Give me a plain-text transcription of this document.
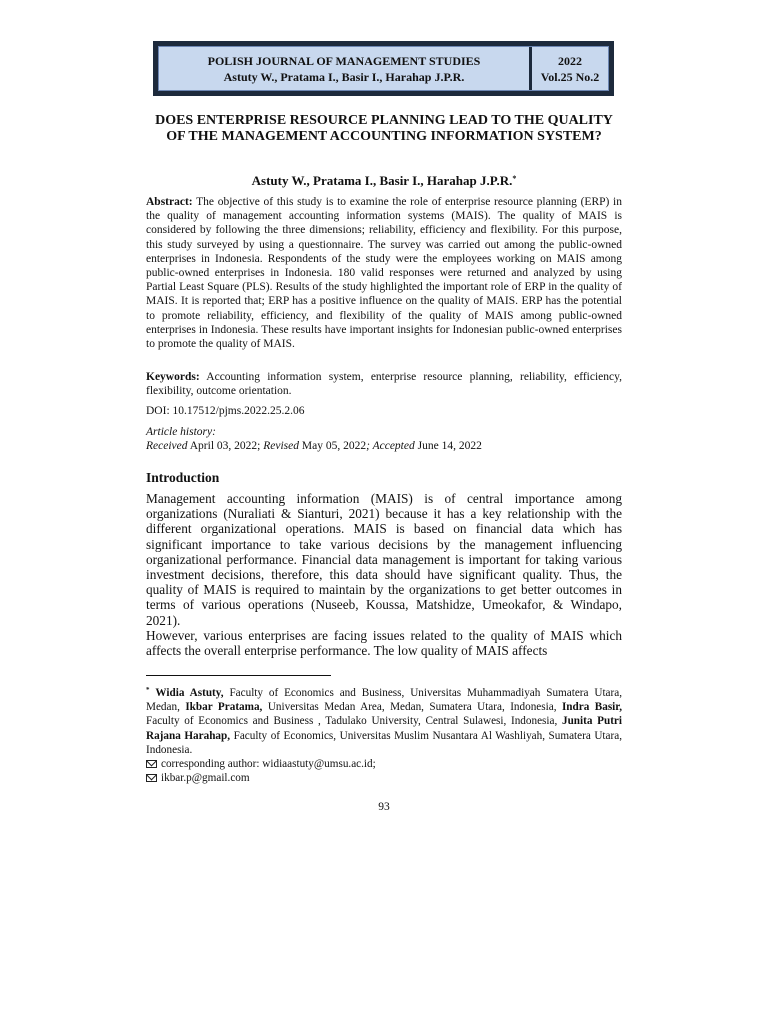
POLISH JOURNAL OF MANAGEMENT STUDIES
Astuty W., Pratama I., Basir I., Harahap J.P.R.
2022
Vol.25 No.2
DOES ENTERPRISE RESOURCE PLANNING LEAD TO THE QUALITY OF THE MANAGEMENT ACCOUNTING INFORMATION SYSTEM?
Astuty W., Pratama I., Basir I., Harahap J.P.R.*
Abstract: The objective of this study is to examine the role of enterprise resource planning (ERP) in the quality of management accounting information systems (MAIS). The quality of MAIS is considered by following the three dimensions; reliability, efficiency and flexibility. For this purpose, this study surveyed by using a questionnaire. The survey was carried out among the public-owned enterprises in Indonesia. Respondents of the study were the employees working on MAIS among public-owned enterprises in Indonesia. 180 valid responses were returned and analyzed by using Partial Least Square (PLS). Results of the study highlighted the important role of ERP in the quality of MAIS. It is reported that; ERP has a positive influence on the quality of MAIS. ERP has the potential to promote reliability, efficiency, and flexibility of the quality of MAIS among public-owned enterprises in Indonesia. These results have important insights for Indonesian public-owned enterprises to promote the quality of MAIS.
Keywords: Accounting information system, enterprise resource planning, reliability, efficiency, flexibility, outcome orientation.
DOI: 10.17512/pjms.2022.25.2.06
Article history:
Received April 03, 2022; Revised May 05, 2022; Accepted June 14, 2022
Introduction
Management accounting information (MAIS) is of central importance among organizations (Nuraliati & Sianturi, 2021) because it has a key relationship with the different organizational operations. MAIS is based on financial data which has significant importance to take various decisions by the management influencing organizational performance. Financial data management is important for taking various investment decisions, therefore, this data should have significant quality. Thus, the quality of MAIS is required to maintain by the organizations to get better outcomes in terms of various operations (Nuseeb, Koussa, Matshidze, Umeokafor, & Windapo, 2021).
However, various enterprises are facing issues related to the quality of MAIS which affects the overall enterprise performance. The low quality of MAIS affects
* Widia Astuty, Faculty of Economics and Business, Universitas Muhammadiyah Sumatera Utara, Medan, Ikbar Pratama, Universitas Medan Area, Medan, Sumatera Utara, Indonesia, Indra Basir, Faculty of Economics and Business , Tadulako University, Central Sulawesi, Indonesia, Junita Putri Rajana Harahap, Faculty of Economics, Universitas Muslim Nusantara Al Washliyah, Sumatera Utara, Indonesia.
corresponding author: widiaastuty@umsu.ac.id;
ikbar.p@gmail.com
93
